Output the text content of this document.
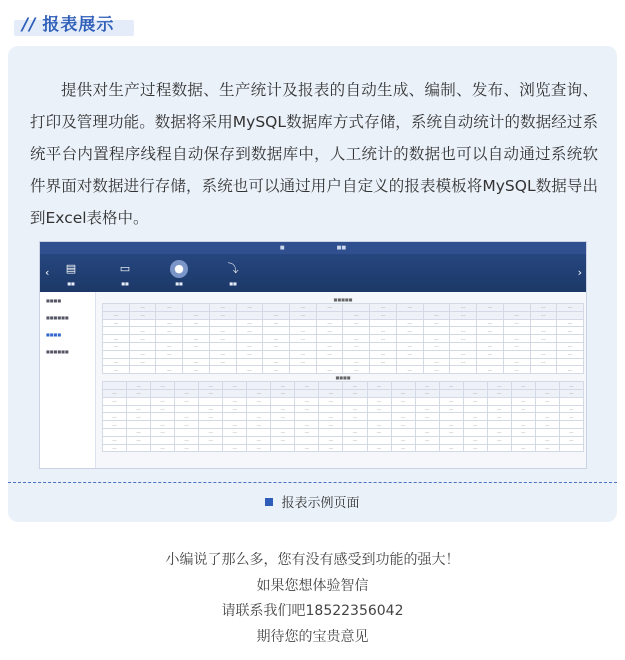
// 报表展示

提供对生产过程数据、生产统计及报表的自动生成、编制、发布、浏览查询、打印及管理功能。数据将采用MySQL数据库方式存储，系统自动统计的数据经过系统平台内置程序线程自动保存到数据库中，人工统计的数据也可以自动通过系统软件界面对数据进行存储，系统也可以通过用户自定义的报表模板将MySQL数据导出到Excel表格中。

■	■■
‹	▤
■■
▭
■■
●
■■
⤵
■■
›
■■■■
■■■■■■
■■■■
■■■■■■
■■■■■
	‒‒	‒‒		‒‒	‒‒		‒‒	‒‒		‒‒	‒‒		‒‒	‒‒		‒‒	‒‒
‒‒	‒‒		‒‒	‒‒		‒‒	‒‒		‒‒	‒‒		‒‒	‒‒		‒‒	‒‒	
‒‒		‒‒	‒‒		‒‒	‒‒		‒‒	‒‒		‒‒	‒‒		‒‒	‒‒		‒‒
	‒‒	‒‒		‒‒	‒‒		‒‒	‒‒		‒‒	‒‒		‒‒	‒‒		‒‒	‒‒
‒‒	‒‒		‒‒	‒‒		‒‒	‒‒		‒‒	‒‒		‒‒	‒‒		‒‒	‒‒	
‒‒		‒‒	‒‒		‒‒	‒‒		‒‒	‒‒		‒‒	‒‒		‒‒	‒‒		‒‒
	‒‒	‒‒		‒‒	‒‒		‒‒	‒‒		‒‒	‒‒		‒‒	‒‒		‒‒	‒‒
‒‒	‒‒		‒‒	‒‒		‒‒	‒‒		‒‒	‒‒		‒‒	‒‒		‒‒	‒‒	
‒‒		‒‒	‒‒		‒‒	‒‒		‒‒	‒‒		‒‒	‒‒		‒‒	‒‒		‒‒
■■■■
	‒‒	‒‒		‒‒	‒‒		‒‒	‒‒		‒‒	‒‒		‒‒	‒‒		‒‒	‒‒		‒‒
‒‒	‒‒		‒‒	‒‒		‒‒	‒‒		‒‒	‒‒		‒‒	‒‒		‒‒	‒‒		‒‒	‒‒
‒‒		‒‒	‒‒		‒‒	‒‒		‒‒	‒‒		‒‒	‒‒		‒‒	‒‒		‒‒	‒‒	
	‒‒	‒‒		‒‒	‒‒		‒‒	‒‒		‒‒	‒‒		‒‒	‒‒		‒‒	‒‒		‒‒
‒‒	‒‒		‒‒	‒‒		‒‒	‒‒		‒‒	‒‒		‒‒	‒‒		‒‒	‒‒		‒‒	‒‒
‒‒		‒‒	‒‒		‒‒	‒‒		‒‒	‒‒		‒‒	‒‒		‒‒	‒‒		‒‒	‒‒	
	‒‒	‒‒		‒‒	‒‒		‒‒	‒‒		‒‒	‒‒		‒‒	‒‒		‒‒	‒‒		‒‒
‒‒	‒‒		‒‒	‒‒		‒‒	‒‒		‒‒	‒‒		‒‒	‒‒		‒‒	‒‒		‒‒	‒‒
‒‒		‒‒	‒‒		‒‒	‒‒		‒‒	‒‒		‒‒	‒‒		‒‒	‒‒		‒‒	‒‒	
报表示例页面
小编说了那么多，您有没有感受到功能的强大！
如果您想体验智信
请联系我们吧18522356042
期待您的宝贵意见
